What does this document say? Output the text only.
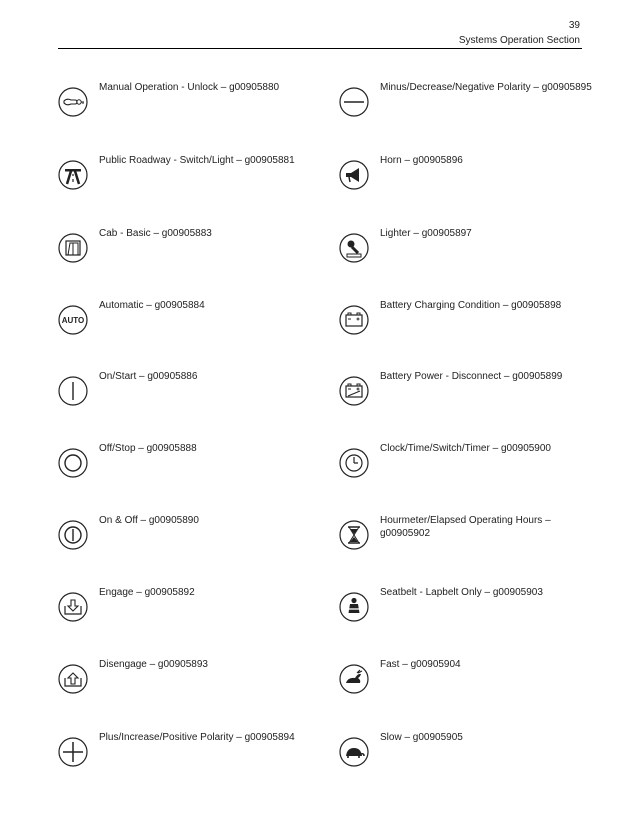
39
Systems Operation Section
Manual Operation - Unlock – g00905880
Public Roadway - Switch/Light – g00905881
Cab - Basic – g00905883
AUTO
Automatic – g00905884
On/Start – g00905886
Off/Stop – g00905888
On & Off – g00905890
Engage – g00905892
Disengage – g00905893
Plus/Increase/Positive Polarity – g00905894
Minus/Decrease/Negative Polarity – g00905895
Horn – g00905896
Lighter – g00905897
Battery Charging Condition – g00905898
Battery Power - Disconnect – g00905899
Clock/Time/Switch/Timer – g00905900
Hourmeter/Elapsed Operating Hours – g00905902
Seatbelt - Lapbelt Only – g00905903
Fast – g00905904
Slow – g00905905
